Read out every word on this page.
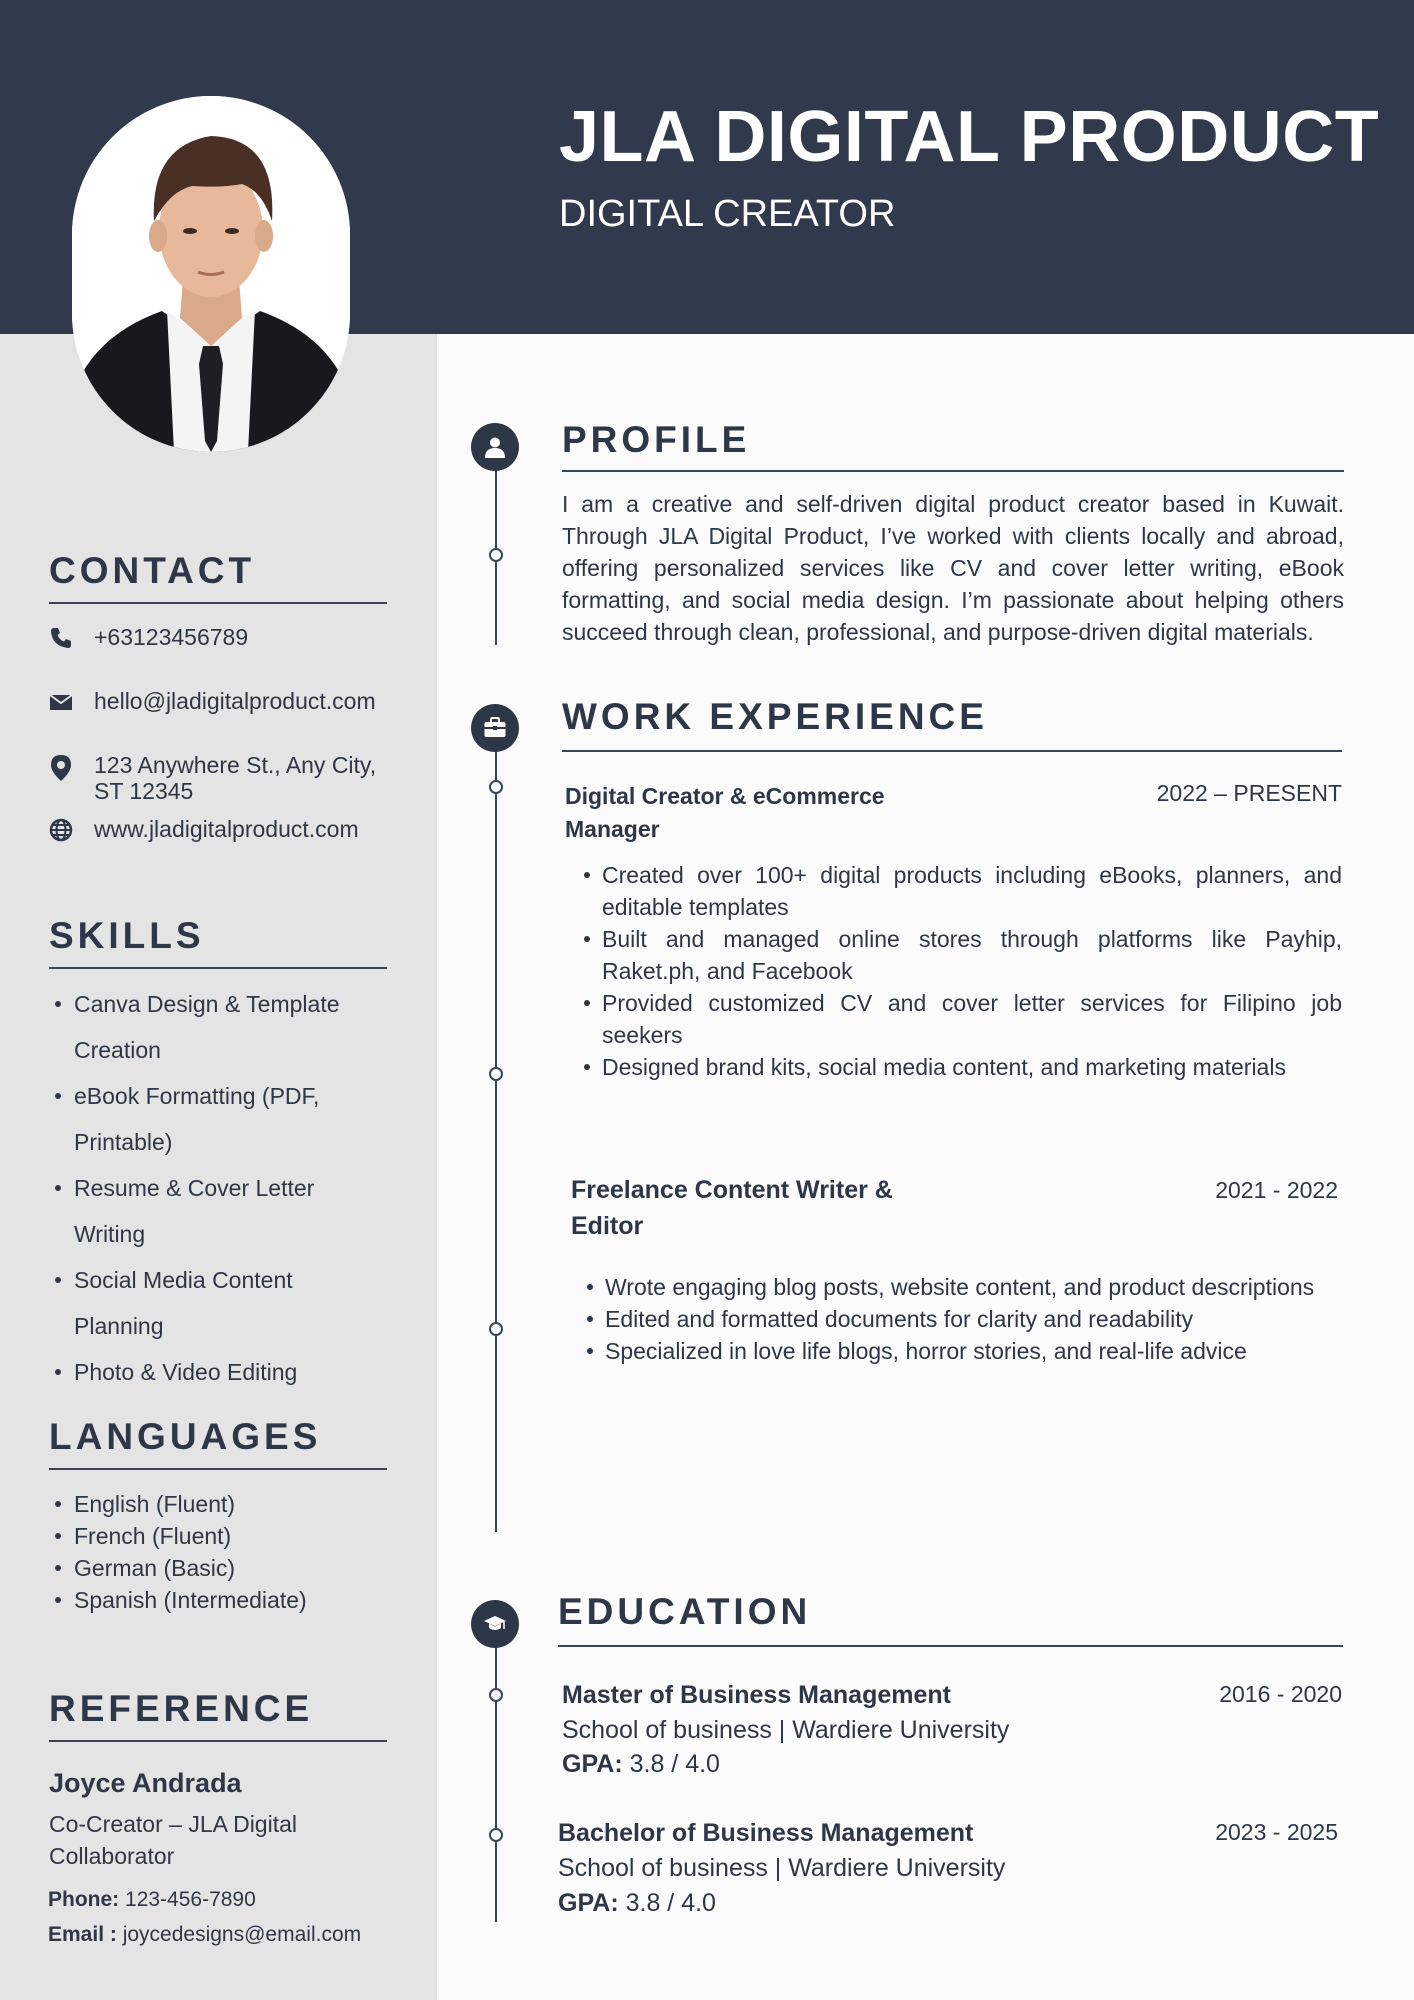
JLA DIGITAL PRODUCT
DIGITAL CREATOR
CONTACT
+63123456789
hello@jladigitalproduct.com
123 Anywhere St., Any City, ST 12345
www.jladigitalproduct.com
SKILLS
Canva Design & Template Creation
eBook Formatting (PDF, Printable)
Resume & Cover Letter Writing
Social Media Content Planning
Photo & Video Editing
LANGUAGES
English (Fluent)
French (Fluent)
German (Basic)
Spanish (Intermediate)
REFERENCE
Joyce Andrada
Co-Creator – JLA Digital Collaborator
Phone: 123-456-7890
Email : joycedesigns@email.com
PROFILE

I am a creative and self-driven digital product creator based in Kuwait. Through JLA Digital Product, I’ve worked with clients locally and abroad, offering personalized services like CV and cover letter writing, eBook formatting, and social media design. I’m passionate about helping others succeed through clean, professional, and purpose-driven digital materials.

WORK EXPERIENCE
Digital Creator & eCommerce Manager
2022 – PRESENT
Created over 100+ digital products including eBooks, planners, and editable templates
Built and managed online stores through platforms like Payhip, Raket.ph, and Facebook
Provided customized CV and cover letter services for Filipino job seekers
Designed brand kits, social media content, and marketing materials
Freelance Content Writer & Editor
2021 - 2022
Wrote engaging blog posts, website content, and product descriptions
Edited and formatted documents for clarity and readability
Specialized in love life blogs, horror stories, and real-life advice
EDUCATION
Master of Business Management	2016 - 2020
School of business | Wardiere University
GPA: 3.8 / 4.0
Bachelor of Business Management	2023 - 2025
School of business | Wardiere University
GPA: 3.8 / 4.0
